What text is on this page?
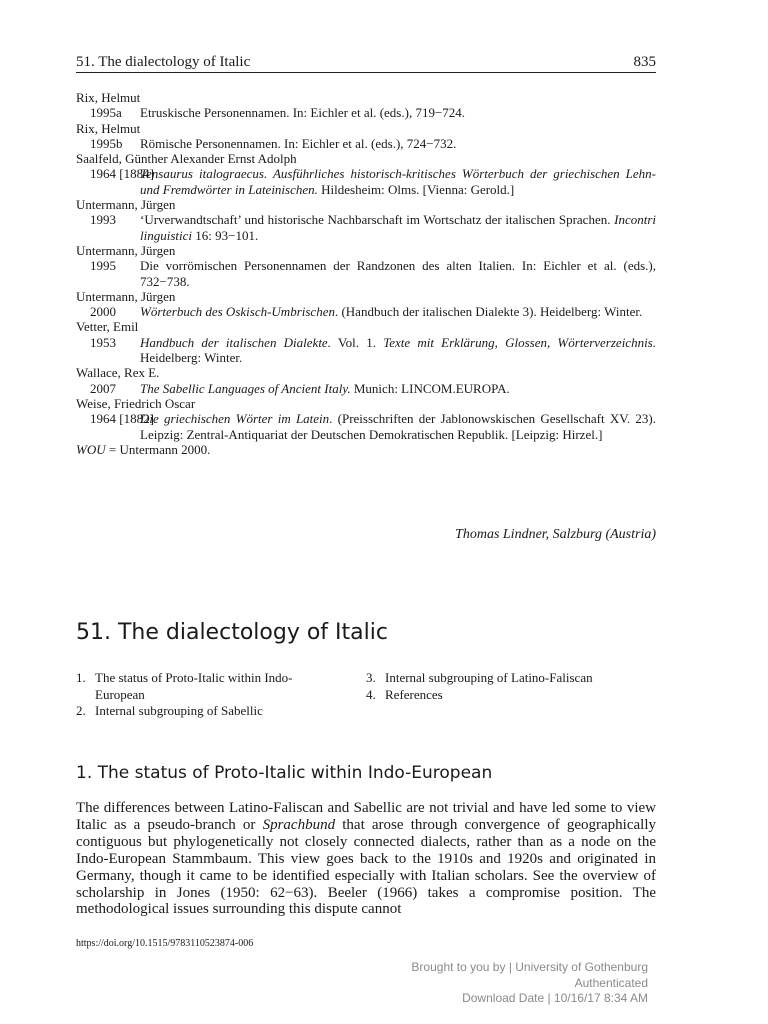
51. The dialectology of Italic	835
Rix, Helmut
1995a Etruskische Personennamen. In: Eichler et al. (eds.), 719−724.
Rix, Helmut
1995b Römische Personennamen. In: Eichler et al. (eds.), 724−732.
Saalfeld, Günther Alexander Ernst Adolph
1964 [1884]
Tensaurus italograecus. Ausführliches historisch-kritisches Wörterbuch der griechischen Lehn- und Fremdwörter in Lateinischen. Hildesheim: Olms. [Vienna: Gerold.]
Untermann, Jürgen
1993 ‘Urverwandtschaft’ und historische Nachbarschaft im Wortschatz der italischen Sprachen. Incontri linguistici 16: 93−101.
Untermann, Jürgen
1995 Die vorrömischen Personennamen der Randzonen des alten Italien. In: Eichler et al. (eds.), 732−738.
Untermann, Jürgen
2000 Wörterbuch des Oskisch-Umbrischen. (Handbuch der italischen Dialekte 3). Heidelberg: Winter.
Vetter, Emil
1953 Handbuch der italischen Dialekte. Vol. 1. Texte mit Erklärung, Glossen, Wörterverzeichnis. Heidelberg: Winter.
Wallace, Rex E.
2007 The Sabellic Languages of Ancient Italy. Munich: LINCOM.EUROPA.
Weise, Friedrich Oscar
1964 [1882]
Die griechischen Wörter im Latein. (Preisschriften der Jablonowskischen Gesellschaft XV. 23). Leipzig: Zentral-Antiquariat der Deutschen Demokratischen Republik. [Leipzig: Hirzel.]
WOU = Untermann 2000.
Thomas Lindner, Salzburg (Austria)
51. The dialectology of Italic
1. The status of Proto-Italic within Indo-European
2. Internal subgrouping of Sabellic
3. Internal subgrouping of Latino-Faliscan
4. References
1. The status of Proto-Italic within Indo-European

The differences between Latino-Faliscan and Sabellic are not trivial and have led some to view Italic as a pseudo-branch or Sprachbund that arose through convergence of geographically contiguous but phylogenetically not closely connected dialects, rather than as a node on the Indo-European Stammbaum. This view goes back to the 1910s and 1920s and originated in Germany, though it came to be identified especially with Italian scholars. See the overview of scholarship in Jones (1950: 62−63). Beeler (1966) takes a compromise position. The methodological issues surrounding this dispute cannot

https://doi.org/10.1515/9783110523874-006
Brought to you by | University of Gothenburg
Authenticated
Download Date | 10/16/17 8:34 AM
